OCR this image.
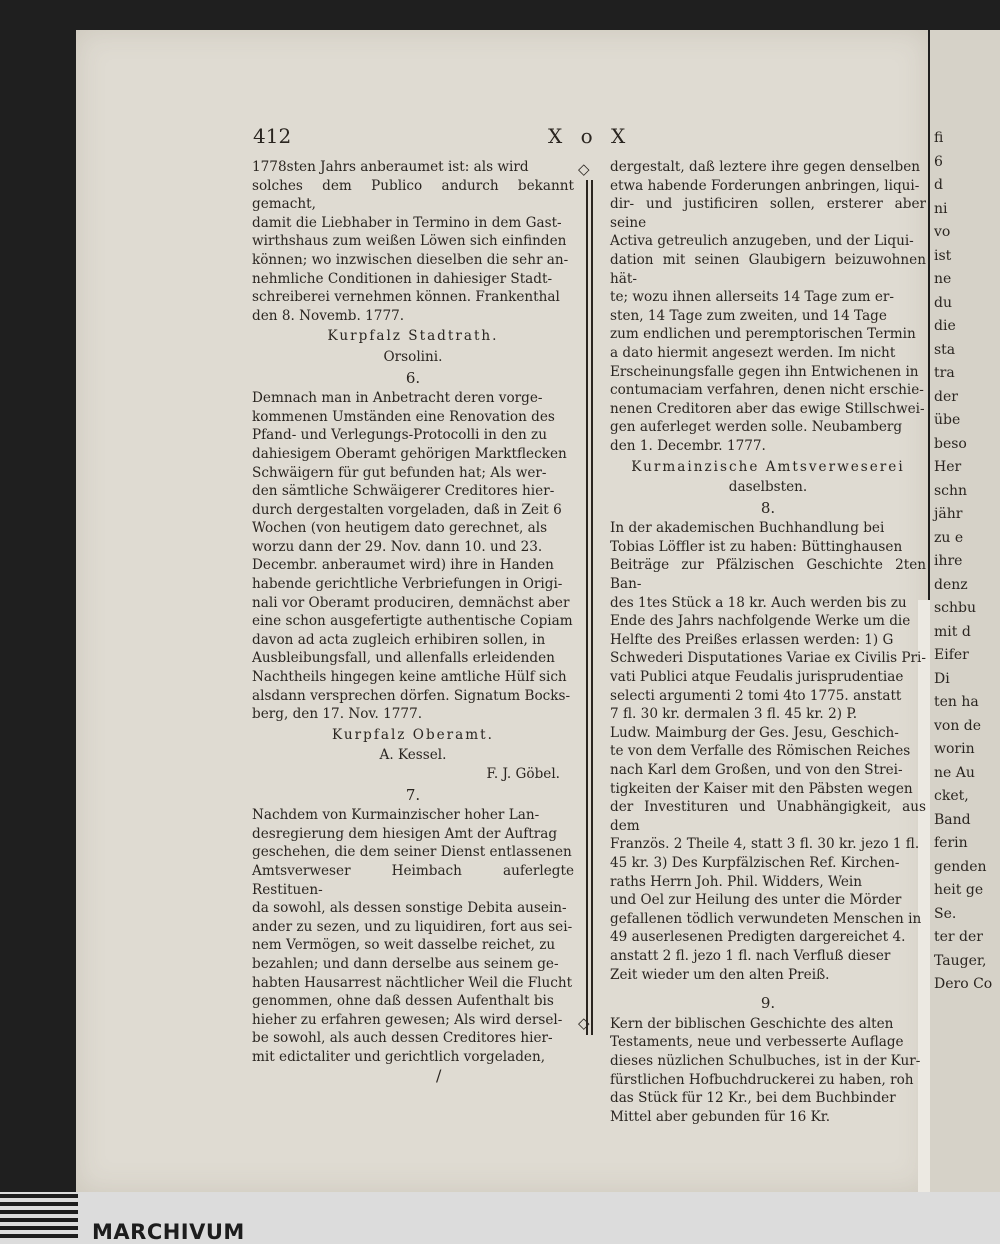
fi
6
d
ni
vo
ist
ne
du
die
sta
tra
der
übe
beso
Her
schn
jähr
zu e
ihre
denz
schbu
mit d
Eifer
Di
ten ha
von de
worin
ne Au
cket,
Band
ferin
genden
heit ge
Se.
ter der
Tauger,
Dero Co
412	X o X

1778sten Jahrs anberaumet ist: als wird
solches dem Publico andurch bekannt gemacht,
damit die Liebhaber in Termino in dem Gast-
wirthshaus zum weißen Löwen sich einfinden
können; wo inzwischen dieselben die sehr an-
nehmliche Conditionen in dahiesiger Stadt-
schreiberei vernehmen können. Frankenthal
den 8. Novemb. 1777.

Kurpfalz Stadtrath.
Orsolini.
6.

Demnach man in Anbetracht deren vorge-
kommenen Umständen eine Renovation des
Pfand- und Verlegungs-Protocolli in den zu
dahiesigem Oberamt gehörigen Marktflecken
Schwäigern für gut befunden hat; Als wer-
den sämtliche Schwäigerer Creditores hier-
durch dergestalten vorgeladen, daß in Zeit 6
Wochen (von heutigem dato gerechnet, als
worzu dann der 29. Nov. dann 10. und 23.
Decembr. anberaumet wird) ihre in Handen
habende gerichtliche Verbriefungen in Origi-
nali vor Oberamt produciren, demnächst aber
eine schon ausgefertigte authentische Copiam
davon ad acta zugleich erhibiren sollen, in
Ausbleibungsfall, und allenfalls erleidenden
Nachtheils hingegen keine amtliche Hülf sich
alsdann versprechen dörfen. Signatum Bocks-
berg, den 17. Nov. 1777.

Kurpfalz Oberamt.
A. Kessel.
F. J. Göbel.
7.

Nachdem von Kurmainzischer hoher Lan-
desregierung dem hiesigen Amt der Auftrag
geschehen, die dem seiner Dienst entlassenen
Amtsverweser Heimbach auferlegte Restituen-
da sowohl, als dessen sonstige Debita ausein-
ander zu sezen, und zu liquidiren, fort aus sei-
nem Vermögen, so weit dasselbe reichet, zu
bezahlen; und dann derselbe aus seinem ge-
habten Hausarrest nächtlicher Weil die Flucht
genommen, ohne daß dessen Aufenthalt bis
hieher zu erfahren gewesen; Als wird dersel-
be sowohl, als auch dessen Creditores hier-
mit edictaliter und gerichtlich vorgeladen,

◇
◇

dergestalt, daß leztere ihre gegen denselben
etwa habende Forderungen anbringen, liqui-
dir- und justificiren sollen, ersterer aber seine
Activa getreulich anzugeben, und der Liqui-
dation mit seinen Glaubigern beizuwohnen hät-
te; wozu ihnen allerseits 14 Tage zum er-
sten, 14 Tage zum zweiten, und 14 Tage
zum endlichen und peremptorischen Termin
a dato hiermit angesezt werden. Im nicht
Erscheinungsfalle gegen ihn Entwichenen in
contumaciam verfahren, denen nicht erschie-
nenen Creditoren aber das ewige Stillschwei-
gen auferleget werden solle. Neubamberg
den 1. Decembr. 1777.

Kurmainzische Amtsverweserei
daselbsten.
8.

In der akademischen Buchhandlung bei
Tobias Löffler ist zu haben: Büttinghausen
Beiträge zur Pfälzischen Geschichte 2ten Ban-
des 1tes Stück a 18 kr. Auch werden bis zu
Ende des Jahrs nachfolgende Werke um die
Helfte des Preißes erlassen werden: 1) G
Schwederi Disputationes Variae ex Civilis Pri-
vati Publici atque Feudalis jurisprudentiae
selecti argumenti 2 tomi 4to 1775. anstatt
7 fl. 30 kr. dermalen 3 fl. 45 kr. 2) P.
Ludw. Maimburg der Ges. Jesu, Geschich-
te von dem Verfalle des Römischen Reiches
nach Karl dem Großen, und von den Strei-
tigkeiten der Kaiser mit den Päbsten wegen
der Investituren und Unabhängigkeit, aus dem
Französ. 2 Theile 4, statt 3 fl. 30 kr. jezo 1 fl.
45 kr. 3) Des Kurpfälzischen Ref. Kirchen-
raths Herrn Joh. Phil. Widders, Wein
und Oel zur Heilung des unter die Mörder
gefallenen tödlich verwundeten Menschen in
49 auserlesenen Predigten dargereichet 4.
anstatt 2 fl. jezo 1 fl. nach Verfluß dieser
Zeit wieder um den alten Preiß.

9.

Kern der biblischen Geschichte des alten
Testaments, neue und verbesserte Auflage
dieses nüzlichen Schulbuches, ist in der Kur-
fürstlichen Hofbuchdruckerei zu haben, roh
das Stück für 12 Kr., bei dem Buchbinder
Mittel aber gebunden für 16 Kr.

/
MARCHIVUM
